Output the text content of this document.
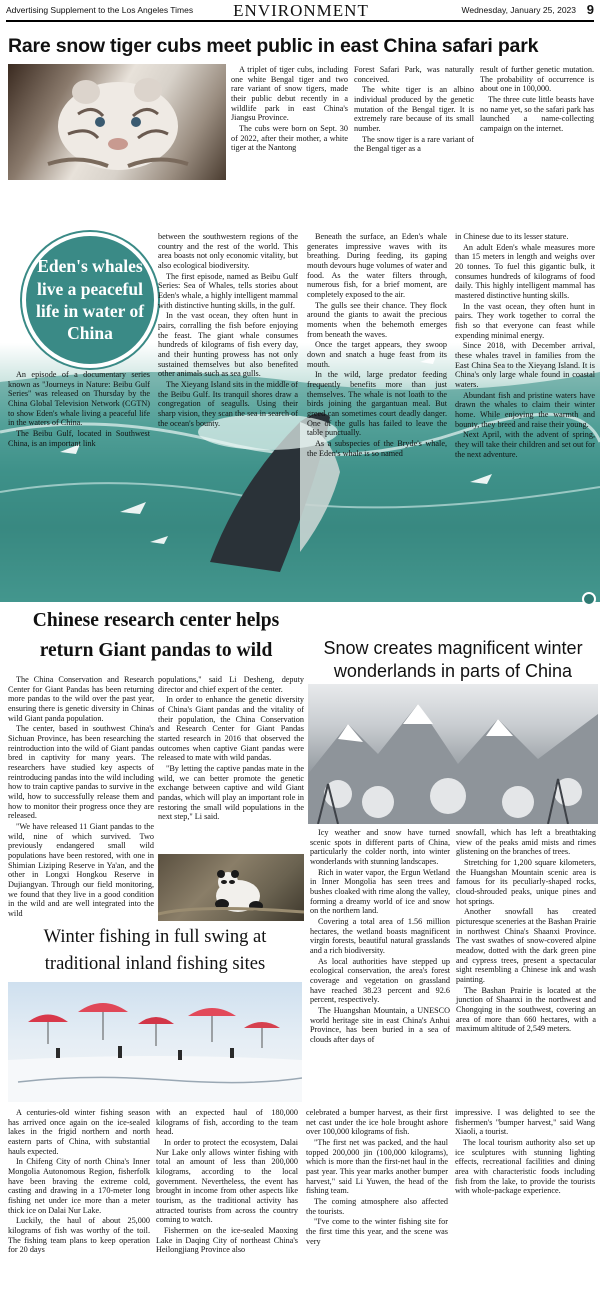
Advertising Supplement to the Los Angeles Times	ENVIRONMENT	Wednesday, January 25, 2023 9
Rare snow tiger cubs meet public in east China safari park

A triplet of tiger cubs, including one white Bengal tiger and two rare variant of snow tigers, made their public debut recently in a wildlife park in east China's Jiangsu Province.

The cubs were born on Sept. 30 of 2022, after their mother, a white tiger at the Nantong

Forest Safari Park, was naturally conceived.

The white tiger is an albino individual produced by the genetic mutation of the Bengal tiger. It is extremely rare because of its small number.

The snow tiger is a rare variant of the Bengal tiger as a

result of further genetic mutation. The probability of occurrence is about one in 100,000.

The three cute little beasts have no name yet, so the safari park has launched a name-collecting campaign on the internet.

Eden's whales live a peaceful life in water of China

An episode of a documentary series known as "Journeys in Nature: Beibu Gulf Series" was released on Thursday by the China Global Television Network (CGTN) to show Eden's whale living a peaceful life in the waters of China.

The Beibu Gulf, located in Southwest China, is an important link

between the southwestern regions of the country and the rest of the world. This area boasts not only economic vitality, but also ecological biodiversity.

The first episode, named as Beibu Gulf Series: Sea of Whales, tells stories about Eden's whale, a highly intelligent mammal with distinctive hunting skills, in the gulf.

In the vast ocean, they often hunt in pairs, corralling the fish before enjoying the feast. The giant whale consumes hundreds of kilograms of fish every day, and their hunting prowess has not only sustained themselves but also benefited other animals such as sea gulls.

The Xieyang Island sits in the middle of the Beibu Gulf. Its tranquil shores draw a congregation of seagulls. Using their sharp vision, they scan the sea in search of the ocean's bounty.

Beneath the surface, an Eden's whale generates impressive waves with its breathing. During feeding, its gaping mouth devours huge volumes of water and food. As the water filters through, numerous fish, for a brief moment, are completely exposed to the air.

The gulls see their chance. They flock around the giants to await the precious moments when the behemoth emerges from beneath the waves.

Once the target appears, they swoop down and snatch a huge feast from its mouth.

In the wild, large predator feeding frequently benefits more than just themselves. The whale is not loath to the birds joining the gargantuan meal. But greed can sometimes court deadly danger. One of the gulls has failed to leave the table punctually.

As a subspecies of the Bryde's whale, the Eden's whale is so named

in Chinese due to its lesser stature.

An adult Eden's whale measures more than 15 meters in length and weighs over 20 tonnes. To fuel this gigantic bulk, it consumes hundreds of kilograms of food daily. This highly intelligent mammal has mastered distinctive hunting skills.

In the vast ocean, they often hunt in pairs. They work together to corral the fish so that everyone can feast while expending minimal energy.

Since 2018, with December arrival, these whales travel in families from the East China Sea to the Xieyang Island. It is China's only large whale found in coastal waters.

Abundant fish and pristine waters have drawn the whales to claim their winter home. While enjoying the warmth and bounty, they breed and raise their young.

Next April, with the advent of spring, they will take their children and set out for the next adventure.

Chinese research center helps return Giant pandas to wild

The China Conservation and Research Center for Giant Pandas has been returning more pandas to the wild over the past year, ensuring there is genetic diversity in Chinas wild Giant panda population.

The center, based in southwest China's Sichuan Province, has been researching the reintroduction into the wild of Giant pandas bred in captivity for many years. The researchers have studied key aspects of reintroducing pandas into the wild including how to train captive pandas to survive in the wild, how to successfully release them and how to monitor their progress once they are released.

"We have released 11 Giant pandas to the wild, nine of which survived. Two previously endangered small wild populations have been restored, with one in Shimian Liziping Reserve in Ya'an, and the other in Longxi Hongkou Reserve in Dujiangyan. Through our field monitoring, we found that they live in a good condition in the wild and are well integrated into the wild

populations," said Li Desheng, deputy director and chief expert of the center.

In order to enhance the genetic diversity of China's Giant pandas and the vitality of their population, the China Conservation and Research Center for Giant Pandas started research in 2016 that observed the outcomes when captive Giant pandas were released to mate with wild pandas.

"By letting the captive pandas mate in the wild, we can better promote the genetic exchange between captive and wild Giant pandas, which will play an important role in restoring the small wild populations in the next step," Li said.

Snow creates magnificent winter wonderlands in parts of China

Icy weather and snow have turned scenic spots in different parts of China, particularly the colder north, into winter wonderlands with stunning landscapes.

Rich in water vapor, the Ergun Wetland in Inner Mongolia has seen trees and bushes cloaked with rime along the valley, forming a dreamy world of ice and snow on the northern land.

Covering a total area of 1.56 million hectares, the wetland boasts magnificent virgin forests, beautiful natural grasslands and a rich biodiversity.

As local authorities have stepped up ecological conservation, the area's forest coverage and vegetation on grassland have reached 38.23 percent and 92.6 percent, respectively.

The Huangshan Mountain, a UNESCO world heritage site in east China's Anhui Province, has been buried in a sea of clouds after days of

snowfall, which has left a breathtaking view of the peaks amid mists and rimes glistening on the branches of trees.

Stretching for 1,200 square kilometers, the Huangshan Mountain scenic area is famous for its peculiarly-shaped rocks, cloud-shrouded peaks, unique pines and hot springs.

Another snowfall has created picturesque sceneries at the Bashan Prairie in northwest China's Shaanxi Province. The vast swathes of snow-covered alpine meadow, dotted with the dark green pine and cypress trees, present a spectacular sight resembling a Chinese ink and wash painting.

The Bashan Prairie is located at the junction of Shaanxi in the northwest and Chongqing in the southwest, covering an area of more than 660 hectares, with a maximum altitude of 2,549 meters.

Winter fishing in full swing at traditional inland fishing sites

A centuries-old winter fishing season has arrived once again on the ice-sealed lakes in the frigid northern and north eastern parts of China, with substantial hauls expected.

In Chifeng City of north China's Inner Mongolia Autonomous Region, fisherfolk have been braving the extreme cold, casting and drawing in a 170-meter long fishing net under ice more than a meter thick ice on Dalai Nur Lake.

Luckily, the haul of about 25,000 kilograms of fish was worthy of the toil. The fishing team plans to keep operation for 20 days

with an expected haul of 180,000 kilograms of fish, according to the team head.

In order to protect the ecosystem, Dalai Nur Lake only allows winter fishing with total an amount of less than 200,000 kilograms, according to the local government. Nevertheless, the event has brought in income from other aspects like tourism, as the traditional activity has attracted tourists from across the country coming to watch.

Fishermen on the ice-sealed Maoxing Lake in Daqing City of northeast China's Heilongjiang Province also

celebrated a bumper harvest, as their first net cast under the ice hole brought ashore over 100,000 kilograms of fish.

"The first net was packed, and the haul topped 200,000 jin (100,000 kilograms), which is more than the first-net haul in the past year. This year marks another bumper harvest," said Li Yuwen, the head of the fishing team.

The coming atmosphere also affected the tourists.

"I've come to the winter fishing site for the first time this year, and the scene was very

impressive. I was delighted to see the fishermen's "bumper harvest," said Wang Xiaoli, a tourist.

The local tourism authority also set up ice sculptures with stunning lighting effects, recreational facilities and dining area with characteristic foods including fish from the lake, to provide the tourists with whole-package experience.
